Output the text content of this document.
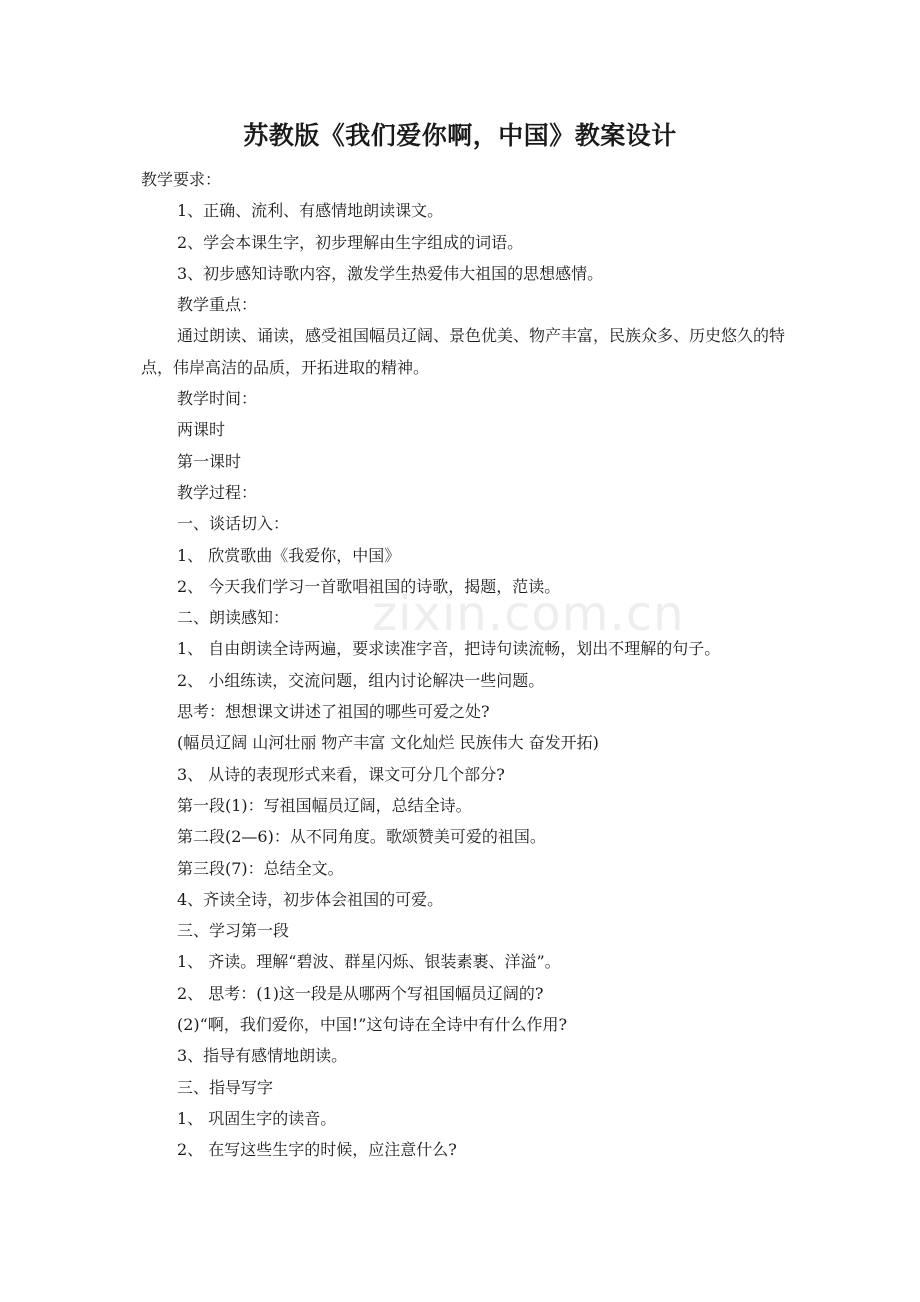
苏教版《我们爱你啊，中国》教案设计
zixin.com.cn
教学要求：
1、正确、流利、有感情地朗读课文。
2、学会本课生字，初步理解由生字组成的词语。
3、初步感知诗歌内容，激发学生热爱伟大祖国的思想感情。
教学重点：
通过朗读、诵读，感受祖国幅员辽阔、景色优美、物产丰富，民族众多、历史悠久的特点，伟岸高洁的品质，开拓进取的精神。
教学时间：
两课时
第一课时
教学过程：
一、谈话切入：
1、 欣赏歌曲《我爱你，中国》
2、 今天我们学习一首歌唱祖国的诗歌，揭题，范读。
二、朗读感知：
1、 自由朗读全诗两遍，要求读准字音，把诗句读流畅，划出不理解的句子。
2、 小组练读，交流问题，组内讨论解决一些问题。
思考：想想课文讲述了祖国的哪些可爱之处?
(幅员辽阔 山河壮丽 物产丰富 文化灿烂 民族伟大 奋发开拓)
3、 从诗的表现形式来看，课文可分几个部分?
第一段(1)：写祖国幅员辽阔，总结全诗。
第二段(2—6)：从不同角度。歌颂赞美可爱的祖国。
第三段(7)：总结全文。
4、齐读全诗，初步体会祖国的可爱。
三、学习第一段
1、 齐读。理解“碧波、群星闪烁、银装素裹、洋溢”。
2、 思考：(1)这一段是从哪两个写祖国幅员辽阔的?
(2)“啊，我们爱你，中国!”这句诗在全诗中有什么作用?
3、指导有感情地朗读。
三、指导写字
1、 巩固生字的读音。
2、 在写这些生字的时候，应注意什么?
